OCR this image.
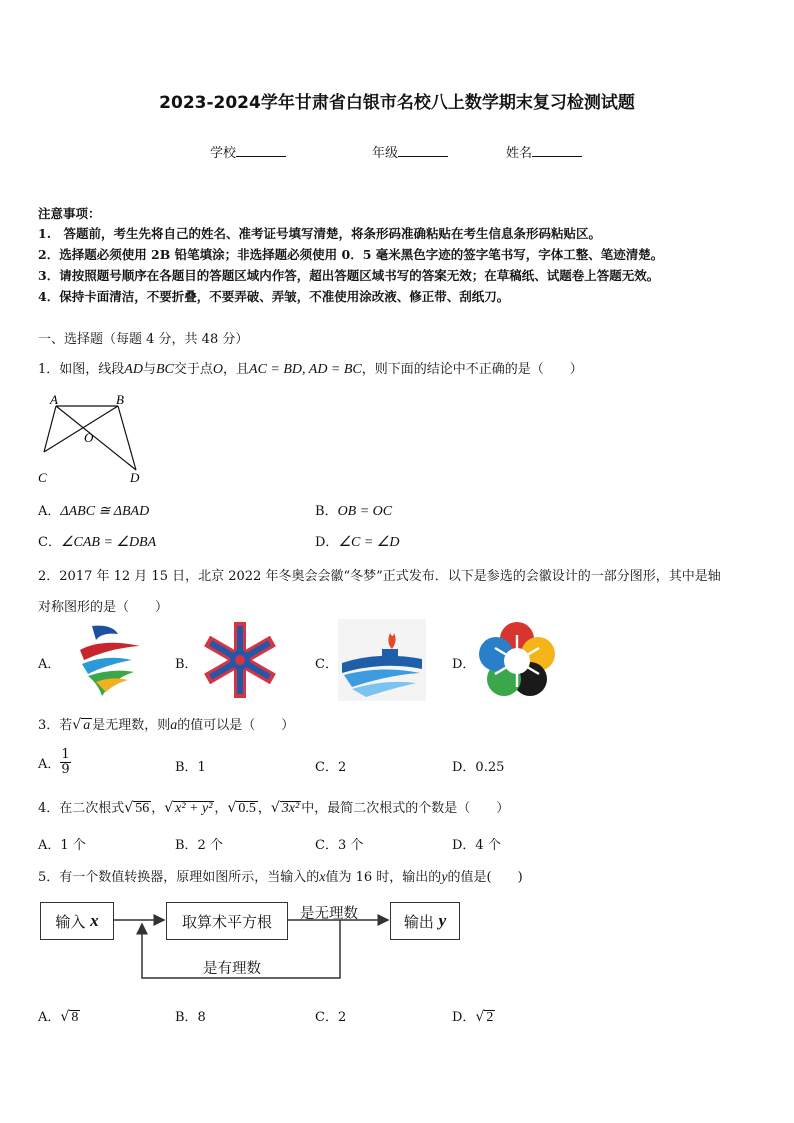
2023-2024学年甘肃省白银市名校八上数学期末复习检测试题
学校	年级	姓名
注意事项：
1.　答题前，考生先将自己的姓名、准考证号填写清楚，将条形码准确粘贴在考生信息条形码粘贴区。
2．选择题必须使用 2B 铅笔填涂；非选择题必须使用 0．5 毫米黑色字迹的签字笔书写，字体工整、笔迹清楚。
3．请按照题号顺序在各题目的答题区域内作答，超出答题区域书写的答案无效；在草稿纸、试题卷上答题无效。
4．保持卡面清洁，不要折叠，不要弄破、弄皱，不准使用涂改液、修正带、刮纸刀。
一、选择题（每题 4 分，共 48 分）
1．如图，线段AD与BC交于点O，且AC = BD, AD = BC，则下面的结论中不正确的是（　　）
A	B
O
C	D
A．ΔABC ≅ ΔBAD	B．OB = OC
C．∠CAB = ∠DBA	D．∠C = ∠D
2．2017 年 12 月 15 日，北京 2022 年冬奥会会徽“冬梦”正式发布．以下是参选的会徽设计的一部分图形，其中是轴
对称图形的是（　　）
A．	B．	C．	D．
3．若√ a 是无理数，则a的值可以是（　　）
A． $\frac{1}{9}$	B．1	C．2	D．0.25
4．在二次根式√ 56 ，√ x² + y² ，√ 0.5 ，√ 3x² 中，最简二次根式的个数是（　　）
A．1 个	B．2 个	C．3 个	D．4 个
5．有一个数值转换器，原理如图所示，当输入的x值为 16 时，输出的y的值是(　　)
输入
x	取算术平方根	输出
y
是无理数
是有理数
A．√ 8	B．8	C．2	D．√ 2
